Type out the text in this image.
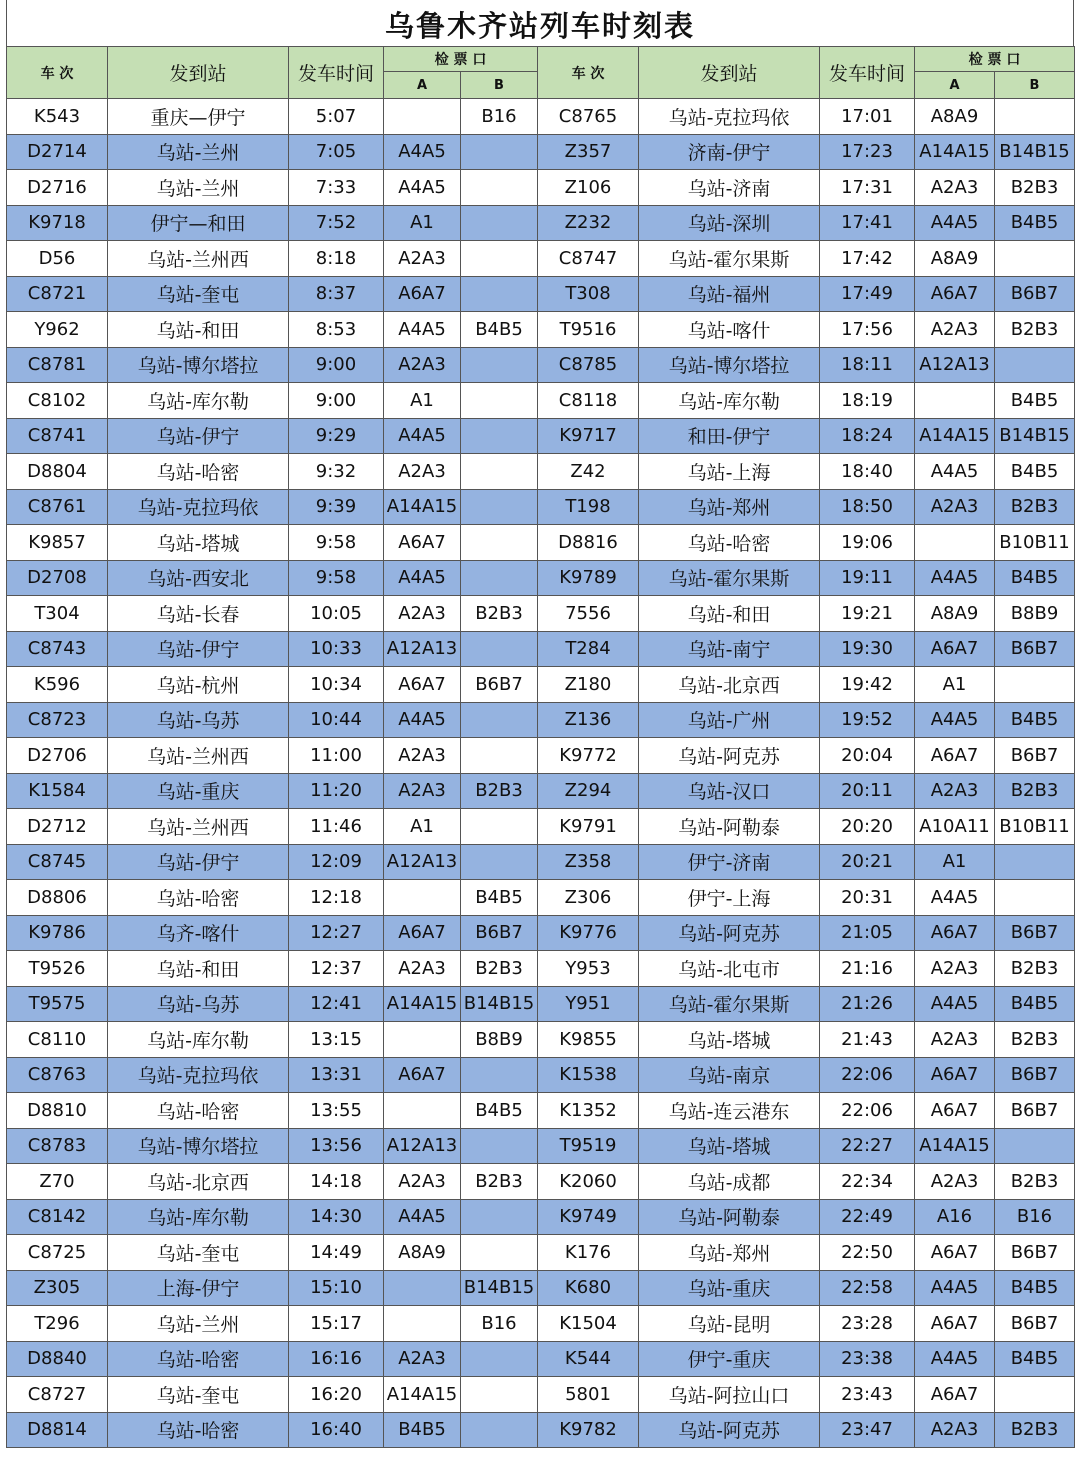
乌鲁木齐站列车时刻表
车 次	发到站	发车时间	检 票 口		车 次	发到站	发车时间	检 票 口	
			A	B				A	B
K543	重庆—伊宁	5:07		B16	C8765	乌站-克拉玛依	17:01	A8A9	
D2714	乌站-兰州	7:05	A4A5		Z357	济南-伊宁	17:23	A14A15	B14B15
D2716	乌站-兰州	7:33	A4A5		Z106	乌站-济南	17:31	A2A3	B2B3
K9718	伊宁—和田	7:52	A1		Z232	乌站-深圳	17:41	A4A5	B4B5
D56	乌站-兰州西	8:18	A2A3		C8747	乌站-霍尔果斯	17:42	A8A9	
C8721	乌站-奎屯	8:37	A6A7		T308	乌站-福州	17:49	A6A7	B6B7
Y962	乌站-和田	8:53	A4A5	B4B5	T9516	乌站-喀什	17:56	A2A3	B2B3
C8781	乌站-博尔塔拉	9:00	A2A3		C8785	乌站-博尔塔拉	18:11	A12A13	
C8102	乌站-库尔勒	9:00	A1		C8118	乌站-库尔勒	18:19		B4B5
C8741	乌站-伊宁	9:29	A4A5		K9717	和田-伊宁	18:24	A14A15	B14B15
D8804	乌站-哈密	9:32	A2A3		Z42	乌站-上海	18:40	A4A5	B4B5
C8761	乌站-克拉玛依	9:39	A14A15		T198	乌站-郑州	18:50	A2A3	B2B3
K9857	乌站-塔城	9:58	A6A7		D8816	乌站-哈密	19:06		B10B11
D2708	乌站-西安北	9:58	A4A5		K9789	乌站-霍尔果斯	19:11	A4A5	B4B5
T304	乌站-长春	10:05	A2A3	B2B3	7556	乌站-和田	19:21	A8A9	B8B9
C8743	乌站-伊宁	10:33	A12A13		T284	乌站-南宁	19:30	A6A7	B6B7
K596	乌站-杭州	10:34	A6A7	B6B7	Z180	乌站-北京西	19:42	A1	
C8723	乌站-乌苏	10:44	A4A5		Z136	乌站-广州	19:52	A4A5	B4B5
D2706	乌站-兰州西	11:00	A2A3		K9772	乌站-阿克苏	20:04	A6A7	B6B7
K1584	乌站-重庆	11:20	A2A3	B2B3	Z294	乌站-汉口	20:11	A2A3	B2B3
D2712	乌站-兰州西	11:46	A1		K9791	乌站-阿勒泰	20:20	A10A11	B10B11
C8745	乌站-伊宁	12:09	A12A13		Z358	伊宁-济南	20:21	A1	
D8806	乌站-哈密	12:18		B4B5	Z306	伊宁-上海	20:31	A4A5	
K9786	乌齐-喀什	12:27	A6A7	B6B7	K9776	乌站-阿克苏	21:05	A6A7	B6B7
T9526	乌站-和田	12:37	A2A3	B2B3	Y953	乌站-北屯市	21:16	A2A3	B2B3
T9575	乌站-乌苏	12:41	A14A15	B14B15	Y951	乌站-霍尔果斯	21:26	A4A5	B4B5
C8110	乌站-库尔勒	13:15		B8B9	K9855	乌站-塔城	21:43	A2A3	B2B3
C8763	乌站-克拉玛依	13:31	A6A7		K1538	乌站-南京	22:06	A6A7	B6B7
D8810	乌站-哈密	13:55		B4B5	K1352	乌站-连云港东	22:06	A6A7	B6B7
C8783	乌站-博尔塔拉	13:56	A12A13		T9519	乌站-塔城	22:27	A14A15	
Z70	乌站-北京西	14:18	A2A3	B2B3	K2060	乌站-成都	22:34	A2A3	B2B3
C8142	乌站-库尔勒	14:30	A4A5		K9749	乌站-阿勒泰	22:49	A16	B16
C8725	乌站-奎屯	14:49	A8A9		K176	乌站-郑州	22:50	A6A7	B6B7
Z305	上海-伊宁	15:10		B14B15	K680	乌站-重庆	22:58	A4A5	B4B5
T296	乌站-兰州	15:17		B16	K1504	乌站-昆明	23:28	A6A7	B6B7
D8840	乌站-哈密	16:16	A2A3		K544	伊宁-重庆	23:38	A4A5	B4B5
C8727	乌站-奎屯	16:20	A14A15		5801	乌站-阿拉山口	23:43	A6A7	
D8814	乌站-哈密	16:40	B4B5		K9782	乌站-阿克苏	23:47	A2A3	B2B3
